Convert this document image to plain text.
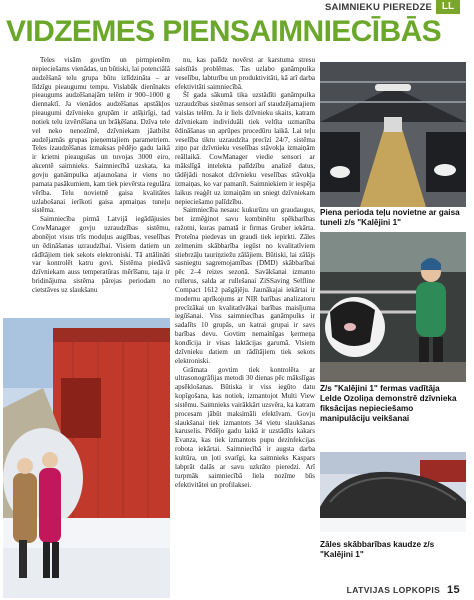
SAIMNIEKU PIEREDZE LL
VIDZEMES PIENSAIMNIECĪBĀS

Teles visām govtīm un pirmpienēm nepieciešams vienādas, un būtiski, lai potenciālā audzēšanā telu grupa būtu izlīdzināta – ar līdzīgu pieaugumu tempu. Vislabāk dienīnakts pieaugums audzēšanajām telēm ir 900–1000 g diennaktī. Ja vienādos audzēšanas apstākļos pieaugumi dzīvnieku grupām ir atšķirīgi, tad notiek telu izvērtēšana un brāķēšana. Dzīva tele vel neko nenozīmē, dzīvniekam jāatbilst audzējamās grupas pieņemtajiem parametriem. Teles izaudzēšanas izmaksas pēdējo gadu laikā ir krietni pieaugušas un tuvojas 3000 eiro, akcentē saimnieks. Saimniecībā uzskata, ka govju ganāmpulka atjaunošana ir viens no pamata pasākumiem, kam tiek pievērsta regulāra vērība. Telu novietnē gaisa kvalitātes uzlabošanai ierīkoti gaisa apmaiņas tuneļu sistēma.

Saimniecība pirmā Latvijā iegādājusies CowManager govju uzraudzības sistēmu, abonējot visus trīs moduļus auglības, veselības un ēdināšanas uzraudzībai. Visiem datiem un rādītājiem tiek sekots elektroniski. Tā attālināti var kontrolēt katru govi. Sistēma piedāvā dzīvniekam auss temperatūras mērīšanu, taja ir bridinājuma sistēma pārejas periodam no cietstāves uz slaukšanu

nu, kas palīdz novērst ar karstuma stresu saistītās problēmas. Tas uzlabo ganāmpulka veselību, labturību un produktivitāti, kā arī darba efektivitāti saimniecībā.

Šī gada sākumā tika uzstādīti ganāmpulka uzraudzības sistēmas sensori arī staudzējamajiem vaislas telēm. Ja ir liels dzīvnieku skaits, katram dzīvniekam individuāli tiek veltīta uzmanība ēdināšanas un aprūpes procedūru laikā. Lai teļu veselība tiktu uzraudzīta precīzi 24/7, sistēma ziņo par dzīvnieku veselības stāvokļa izmaiņām reāllaikā. CowManager viedie sensori ar mākslīgā intelekta palīdzību analizē datus, tādējādi nosakot dzīvnieku veselības stāvokļa izmaiņas, ko var pamanīt. Saimniekiem ir iespēja laikus reaģēt uz izmaiņām un sniegt dzīvniekam nepieciešamo palīdzību.

Saimniecība nesauc kukurūzu un graudaugus, bet izmēģinot savu kombinētu spēkbarības ražotni, kuras pamatā ir firmas Gruber iekārta. Proteīna piedevas un graudi tiek iepirkti. Zāles zelmenim skābbarība iegūst no kvalitatīviem stiebrzāļu tauriņziežu zālājiem. Būtiski, lai zālājs sasniegtu sagremojamības (DMD) skābbarībai pēc 2–4 reizes sezonā. Savākšanai izmanto rullerus, salda ar rullešanai ZiSSaving Selfline Compact 1612 pašgājēju. Jaunākajai iekārtai ir modernu aprīkojums ar NIR barības analizatoru precīzākai un kvalitatīvākai barības maisījuma iegūšanai. Viss saimniecības ganāmpulks ir sadalīts 10 grupās, un katrai grupai ir savs barības devu. Govtim nemainīgas ķermeņa kondīcija ir visas laktācijas garumā. Visiem dzīvnieku datiem un rādītājiem tiek sekots elektroniski.

Grāmata govtim tiek kontrolēta ar ultrasonogrāfijas metodi 30 dienas pēc mākslīgas apsēklošanas. Būtiska ir viss iegūto datu kopīgošana, kas notiek, izmantojot Multi View sistēmu. Saimnieks vairākkārt uzsvēra, ka katram procesam jābūt maksimāli efektīvam. Govju slaukšanai tiek izmantots 34 vietu slaukšanas karuselis. Pēdējo gadu laikā ir uzstādīts kakars Evanza, kas tiek izmantots pupu dezinfekcijas robota iekārtai. Saimniecībā ir augsta darba kultūra, un ļoti svarīgi, ka saimnieks Kaspars labprāt dalās ar savu uzkrāto pieredzi. Arī turpmāk saimniecībā liela nozīme būs efektivitātei un profilaksei.

Piena perioda teļu novietne ar gaisa tuneli z/s "Kalējini 1"
Z/s "Kalējini 1" fermas vadītāja Lelde Ozoliņa demonstrē dzīvnieka fiksācijas nepieciešamo manipulāciju veikšanai
Zāles skābbarības kaudze z/s "Kalējini 1"
LATVIJAS LOPKOPIS 15
